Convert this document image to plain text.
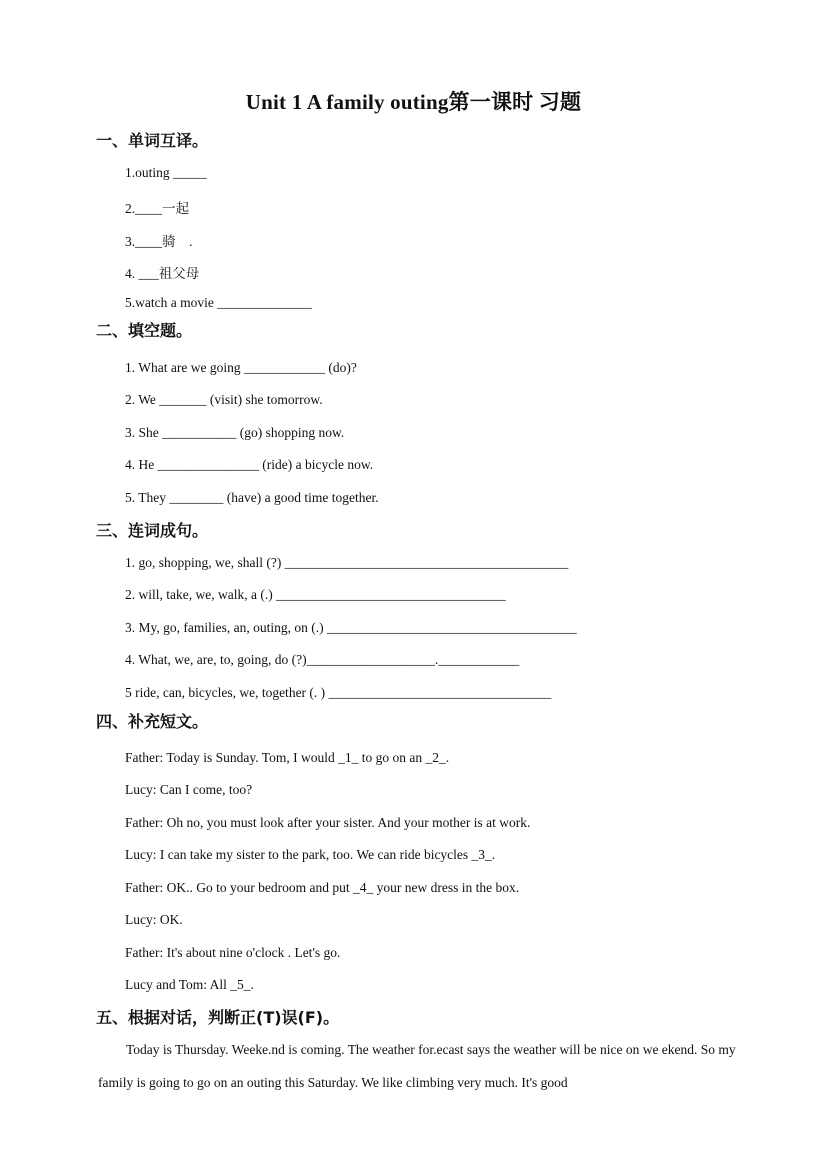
Unit 1 A family outing第一课时 习题
一、单词互译。
1.outing _____
2.____一起
3.____骑　.
4. ___祖父母
5.watch a movie ______________
二、填空题。
1. What are we going ____________ (do)?
2. We _______ (visit) she tomorrow.
3. She ___________ (go) shopping now.
4. He _______________ (ride) a bicycle now.
5. They ________ (have) a good time together.
三、连词成句。
1. go, shopping, we, shall (?) __________________________________________
2. will, take, we, walk, a (.) __________________________________
3. My, go, families, an, outing, on (.) _____________________________________
4. What, we, are, to, going, do (?)___________________.____________
5 ride, can, bicycles, we, together (. ) _________________________________
四、补充短文。
Father: Today is Sunday. Tom, I would _1_ to go on an _2_.
Lucy: Can I come, too?
Father: Oh no, you must look after your sister. And your mother is at work.
Lucy: I can take my sister to the park, too. We can ride bicycles _3_.
Father: OK.. Go to your bedroom and put _4_ your new dress in the box.
Lucy: OK.
Father: It's about nine o'clock . Let's go.
Lucy and Tom: All _5_.
五、根据对话，判断正(T)误(F)。
Today is Thursday. Weeke.nd is coming. The weather for.ecast says the weather will be nice on we ekend. So my family is going to go on an outing this Saturday. We like climbing very much. It's good
